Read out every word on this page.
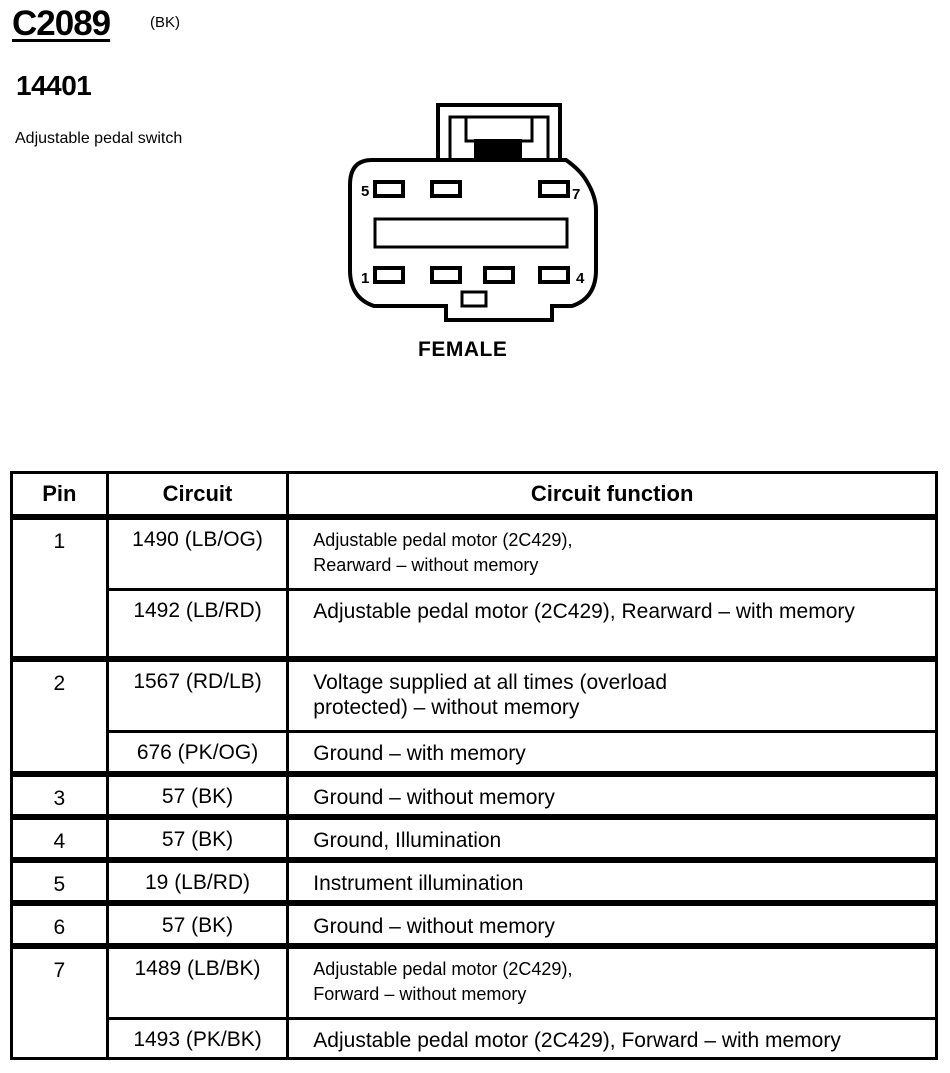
C2089	(BK)
14401
Adjustable pedal switch
5	7
1	4
FEMALE
Pin	Circuit	Circuit function
1	1490 (LB/OG)	Adjustable pedal motor (2C429),
Rearward – without memory

	1492 (LB/RD)	Adjustable pedal motor (2C429), Rearward – with memory

2	1567 (RD/LB)	Voltage supplied at all times (overload
protected) – without memory

	676 (PK/OG)	Ground – with memory

3	57 (BK)	Ground – without memory

4	57 (BK)	Ground, Illumination

5	19 (LB/RD)	Instrument illumination

6	57 (BK)	Ground – without memory

7	1489 (LB/BK)	Adjustable pedal motor (2C429),
Forward – without memory

	1493 (PK/BK)	Adjustable pedal motor (2C429), Forward – with memory
